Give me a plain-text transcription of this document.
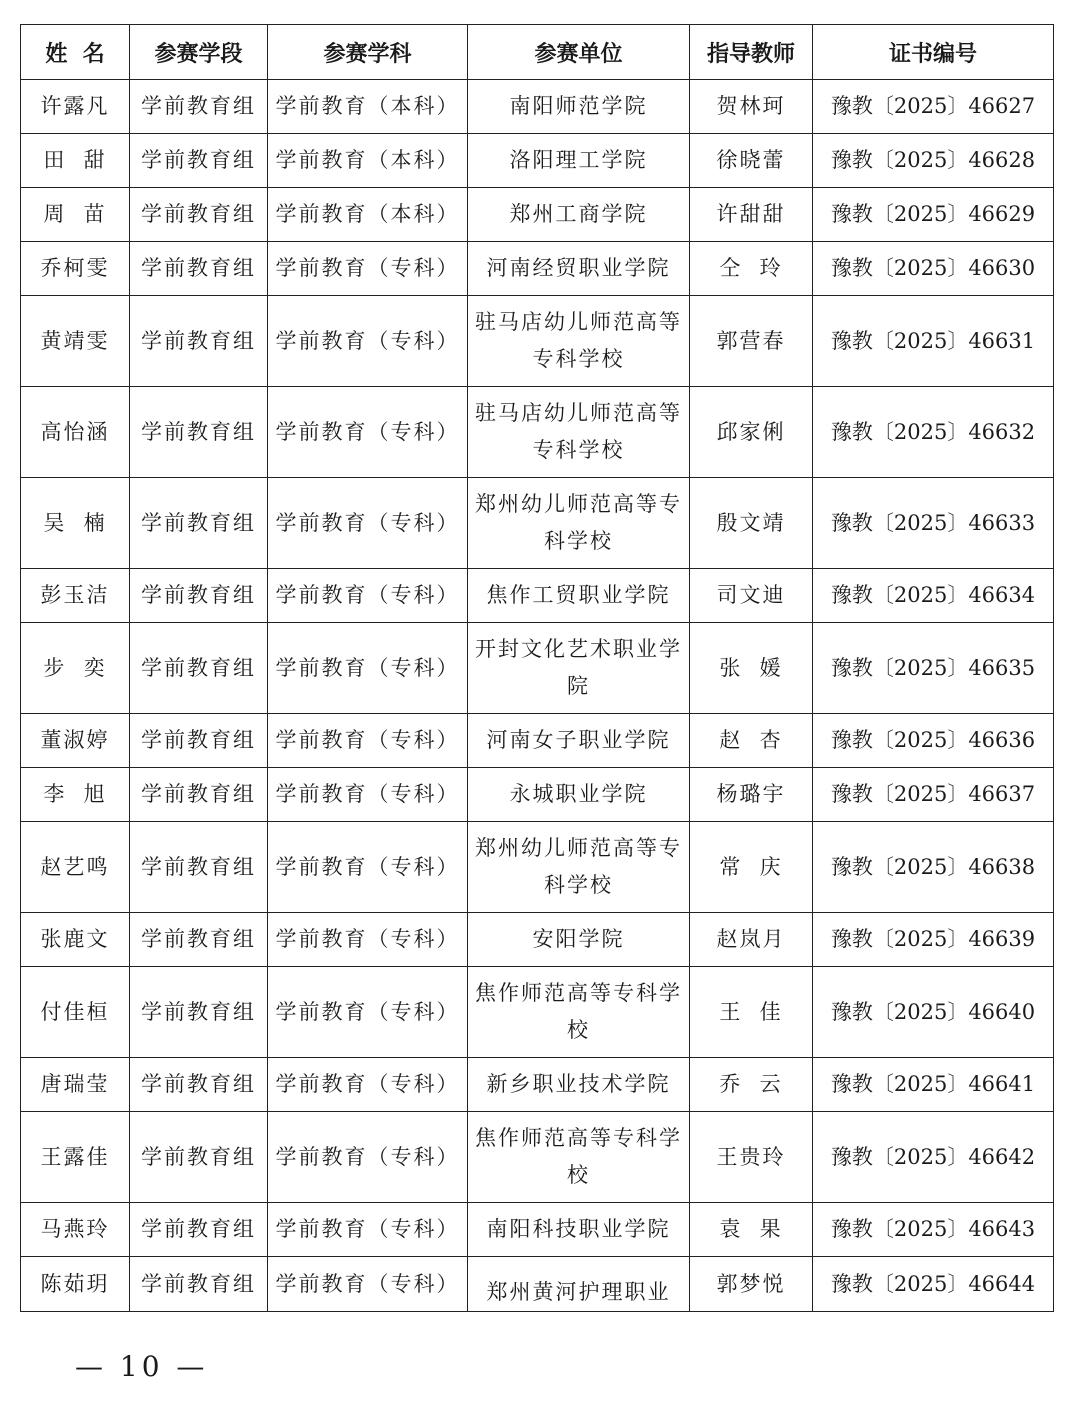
姓  名	参赛学段	参赛学科	参赛单位	指导教师	证书编号
许露凡	学前教育组	学前教育（本科）	南阳师范学院	贺林珂	豫教〔2025〕46627
田  甜	学前教育组	学前教育（本科）	洛阳理工学院	徐晓蕾	豫教〔2025〕46628
周  苗	学前教育组	学前教育（本科）	郑州工商学院	许甜甜	豫教〔2025〕46629
乔柯雯	学前教育组	学前教育（专科）	河南经贸职业学院	仝  玲	豫教〔2025〕46630
黄靖雯	学前教育组	学前教育（专科）	驻马店幼儿师范高等专科学校	郭营春	豫教〔2025〕46631
高怡涵	学前教育组	学前教育（专科）	驻马店幼儿师范高等专科学校	邱家俐	豫教〔2025〕46632
吴  楠	学前教育组	学前教育（专科）	郑州幼儿师范高等专科学校	殷文靖	豫教〔2025〕46633
彭玉洁	学前教育组	学前教育（专科）	焦作工贸职业学院	司文迪	豫教〔2025〕46634
步  奕	学前教育组	学前教育（专科）	开封文化艺术职业学院	张  媛	豫教〔2025〕46635
董淑婷	学前教育组	学前教育（专科）	河南女子职业学院	赵  杏	豫教〔2025〕46636
李  旭	学前教育组	学前教育（专科）	永城职业学院	杨璐宇	豫教〔2025〕46637
赵艺鸣	学前教育组	学前教育（专科）	郑州幼儿师范高等专科学校	常  庆	豫教〔2025〕46638
张鹿文	学前教育组	学前教育（专科）	安阳学院	赵岚月	豫教〔2025〕46639
付佳桓	学前教育组	学前教育（专科）	焦作师范高等专科学校	王  佳	豫教〔2025〕46640
唐瑞莹	学前教育组	学前教育（专科）	新乡职业技术学院	乔  云	豫教〔2025〕46641
王露佳	学前教育组	学前教育（专科）	焦作师范高等专科学校	王贵玲	豫教〔2025〕46642
马燕玲	学前教育组	学前教育（专科）	南阳科技职业学院	袁  果	豫教〔2025〕46643
陈茹玥	学前教育组	学前教育（专科）	郑州黄河护理职业	郭梦悦	豫教〔2025〕46644
— 10 —
